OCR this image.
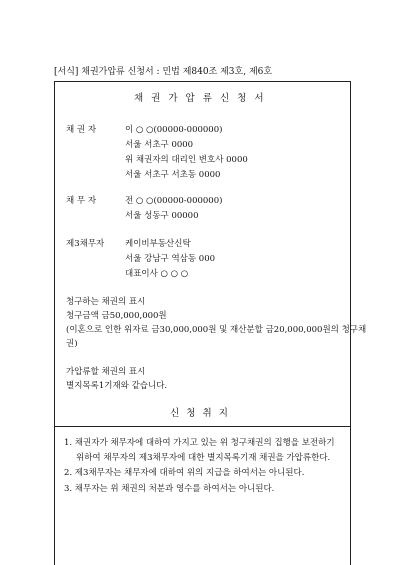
[서식] 채권가압류 신청서 : 민법 제840조 제3호, 제6호
채 권 가 압 류 신 청 서
채 권 자	이 ○ ○(00000-000000)
서울 서초구 0000
위 채권자의 대리인 변호사 0000
서울 서초구 서초동 0000
채 무 자	전 ○ ○(00000-000000)
서울 성동구 00000
제3채무자 케이비부동산신탁
서울 강남구 역삼동 000
대표이사 ○ ○ ○
청구하는 채권의 표시
청구금액 금50,000,000원
(이혼으로 인한 위자료 금30,000,000원 및 재산분할 금20,000,000원의 청구채
권)
가압류할 채권의 표시
별지목록1기재와 같습니다.
신 청 취 지
1. 채권자가 채무자에 대하여 가지고 있는 위 청구채권의 집행을 보전하기
위하여 채무자의 제3채무자에 대한 별지목록기재 채권을 가압류한다.
2. 제3채무자는 채무자에 대하여 위의 지급을 하여서는 아니된다.
3. 채무자는 위 채권의 처분과 영수를 하여서는 아니된다.
